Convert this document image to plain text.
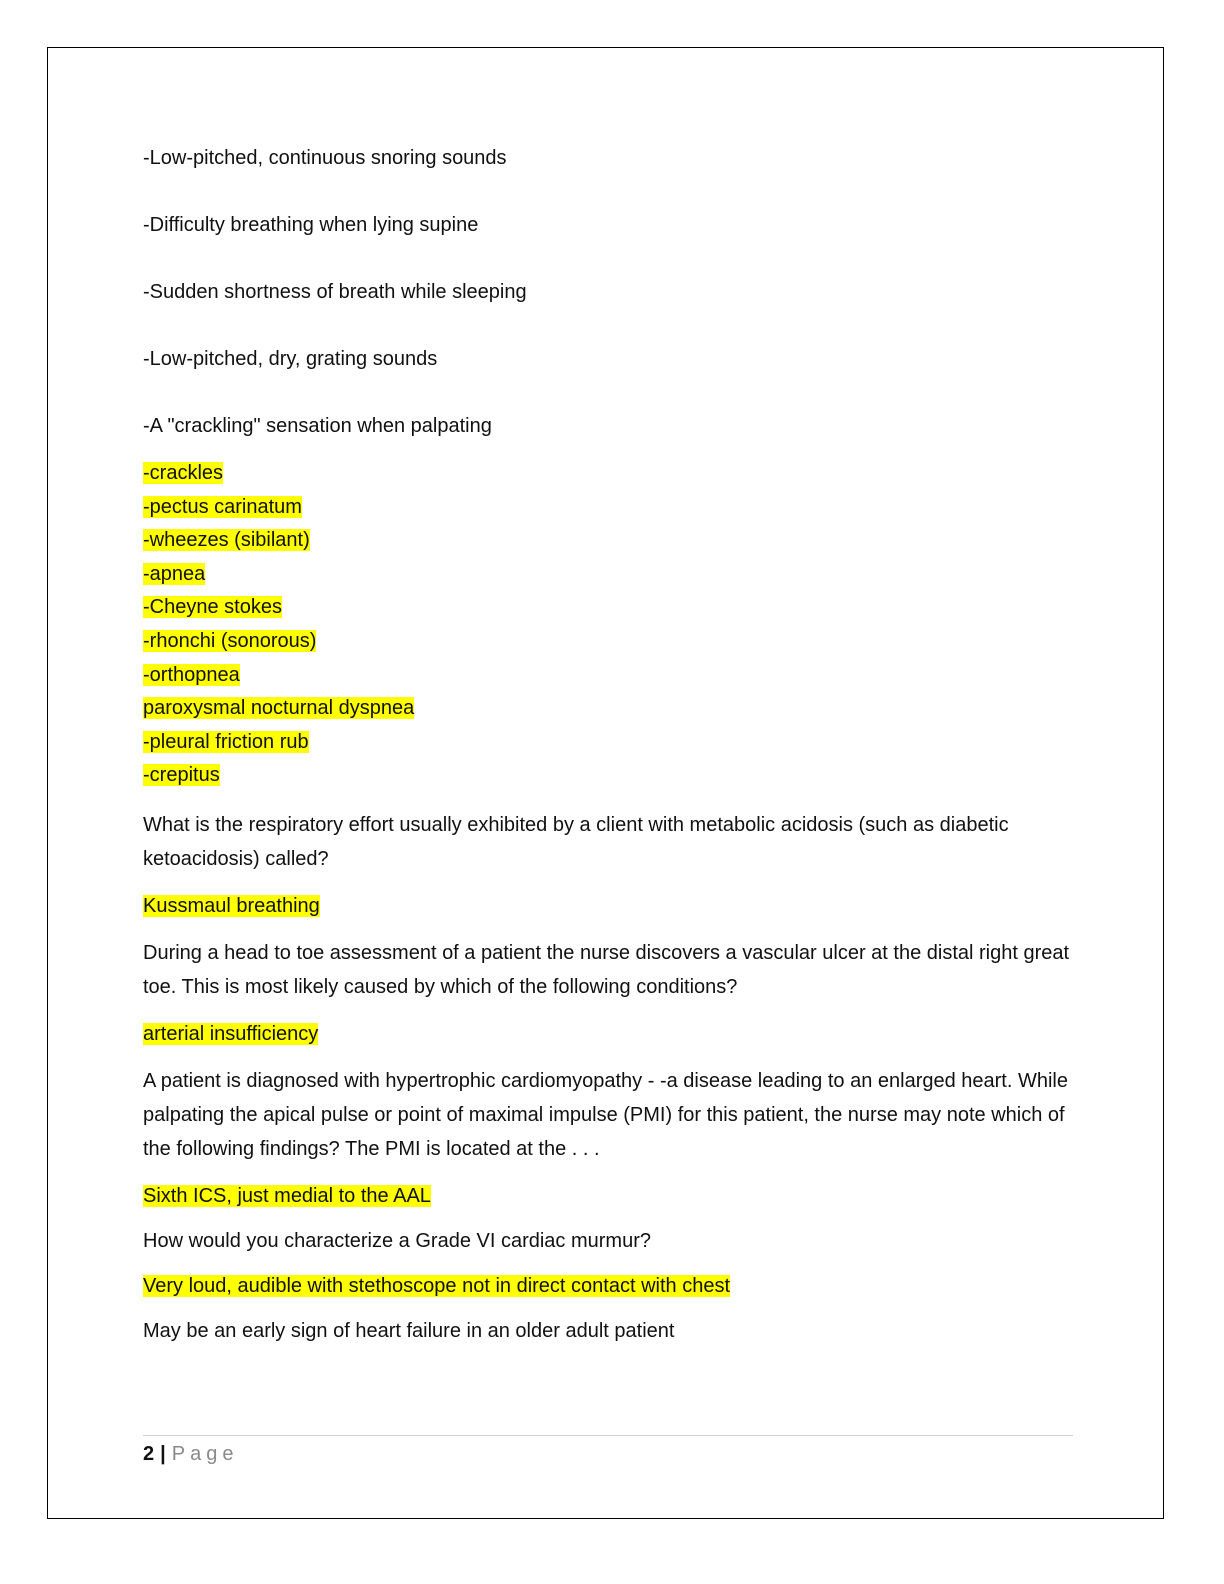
-Low-pitched, continuous snoring sounds

-Difficulty breathing when lying supine

-Sudden shortness of breath while sleeping

-Low-pitched, dry, grating sounds

-A "crackling" sensation when palpating

-crackles

-pectus carinatum

-wheezes (sibilant)

-apnea

-Cheyne stokes

-rhonchi (sonorous)

-orthopnea

paroxysmal nocturnal dyspnea

-pleural friction rub

-crepitus

What is the respiratory effort usually exhibited by a client with metabolic acidosis (such as diabetic ketoacidosis) called?

Kussmaul breathing

During a head to toe assessment of a patient the nurse discovers a vascular ulcer at the distal right great toe. This is most likely caused by which of the following conditions?

arterial insufficiency

A patient is diagnosed with hypertrophic cardiomyopathy - -a disease leading to an enlarged heart. While palpating the apical pulse or point of maximal impulse (PMI) for this patient, the nurse may note which of the following findings? The PMI is located at the . . .

Sixth ICS, just medial to the AAL

How would you characterize a Grade VI cardiac murmur?

Very loud, audible with stethoscope not in direct contact with chest

May be an early sign of heart failure in an older adult patient

2 | Page
